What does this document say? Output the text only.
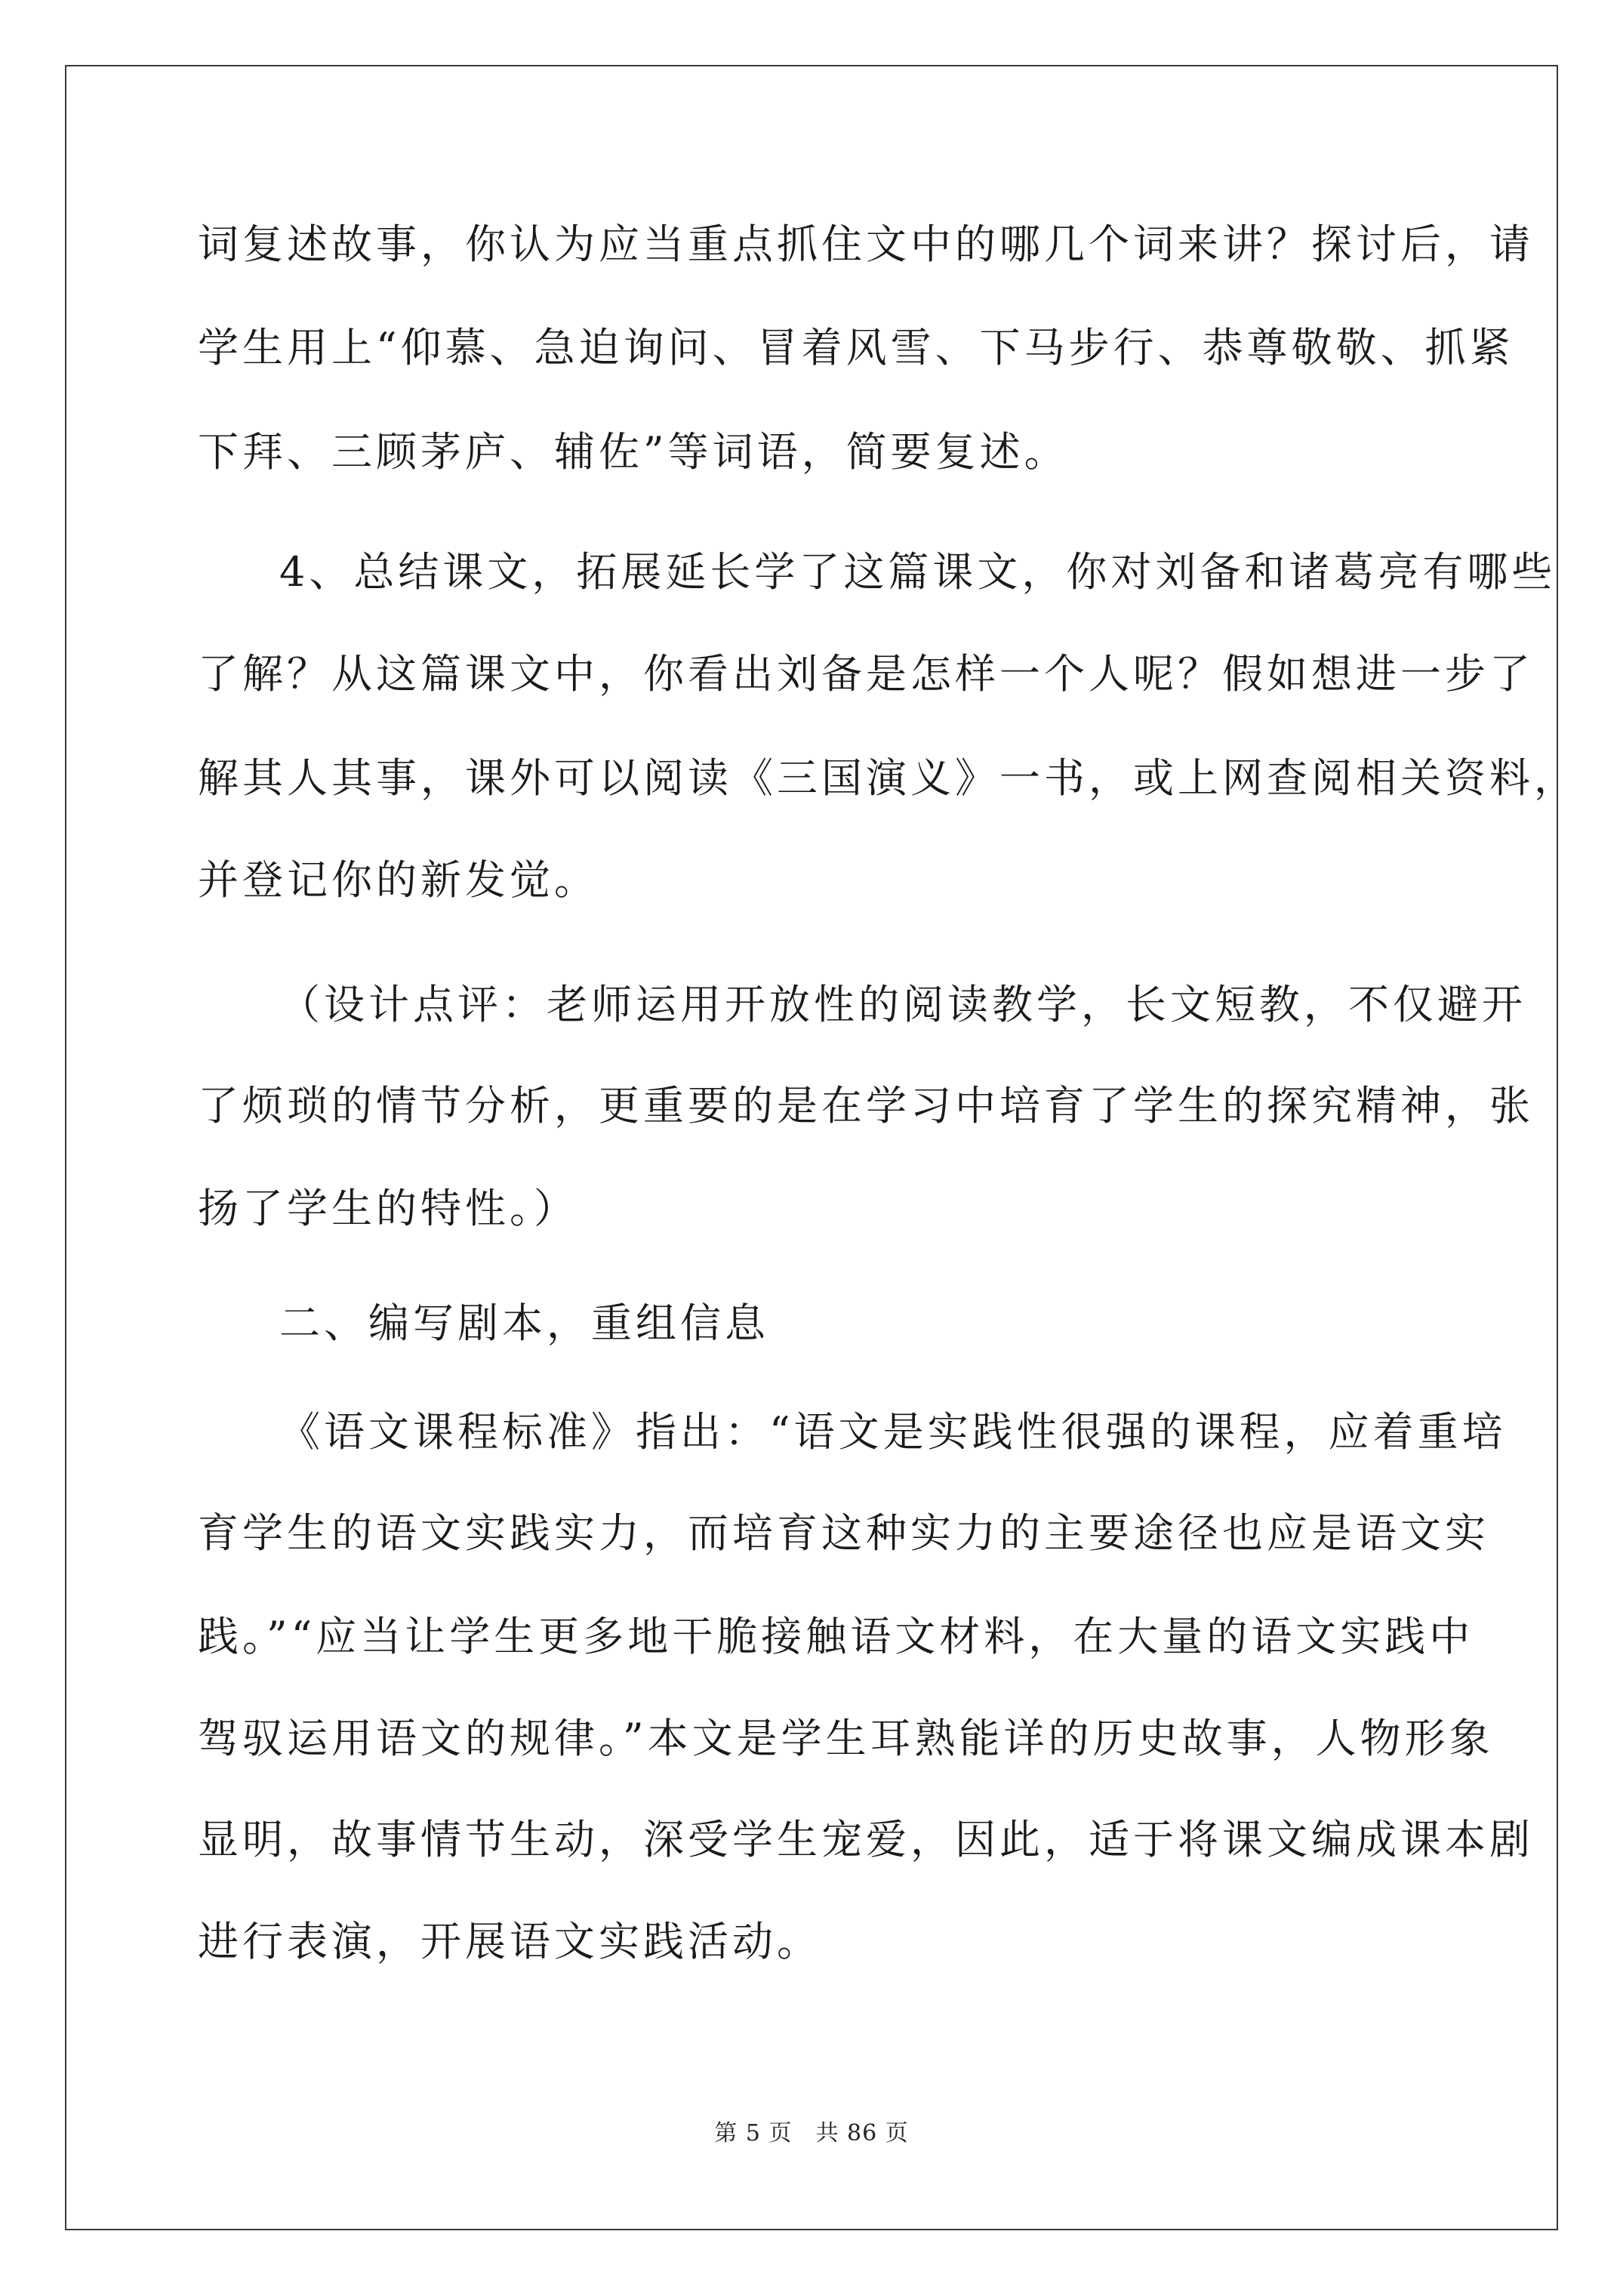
词复述故事，你认为应当重点抓住文中的哪几个词来讲？探讨后，请
学生用上“仰慕、急迫询问、冒着风雪、下马步行、恭尊敬敬、抓紧
下拜、三顾茅庐、辅佐”等词语，简要复述。
4、总结课文，拓展延长学了这篇课文，你对刘备和诸葛亮有哪些
了解？从这篇课文中，你看出刘备是怎样一个人呢？假如想进一步了
解其人其事，课外可以阅读《三国演义》一书，或上网查阅相关资料，
并登记你的新发觉。
（设计点评：老师运用开放性的阅读教学，长文短教，不仅避开
了烦琐的情节分析，更重要的是在学习中培育了学生的探究精神，张
扬了学生的特性。）
二、编写剧本，重组信息
《语文课程标准》指出：“语文是实践性很强的课程，应着重培
育学生的语文实践实力，而培育这种实力的主要途径也应是语文实
践。”“应当让学生更多地干脆接触语文材料，在大量的语文实践中
驾驭运用语文的规律。”本文是学生耳熟能详的历史故事，人物形象
显明，故事情节生动，深受学生宠爱，因此，适于将课文编成课本剧
进行表演，开展语文实践活动。
第 5 页　共 86 页
